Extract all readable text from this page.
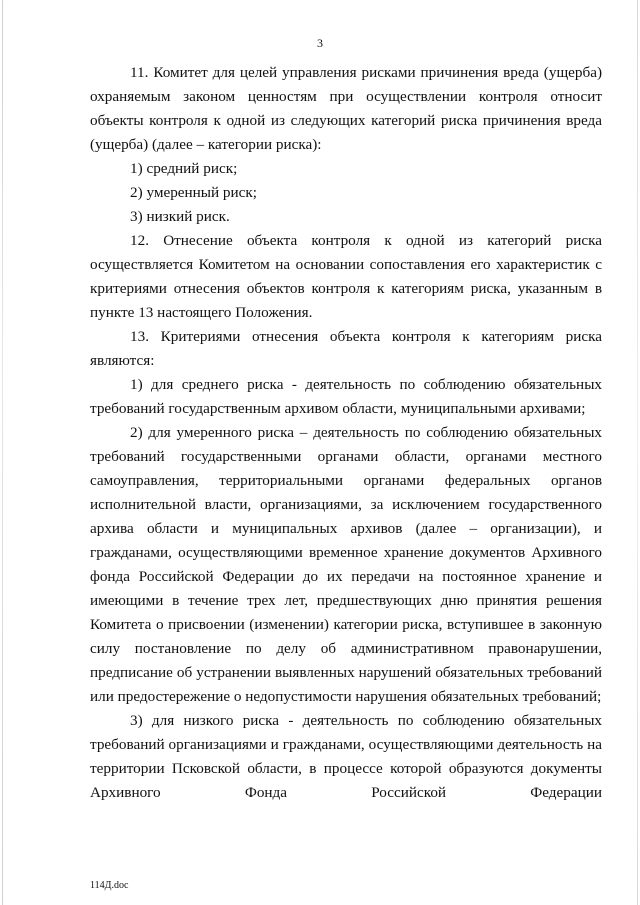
3

11. Комитет для целей управления рисками причинения вреда (ущерба) охраняемым законом ценностям при осуществлении контроля относит объекты контроля к одной из следующих категорий риска причинения вреда (ущерба) (далее – категории риска):

1) средний риск;

2) умеренный риск;

3) низкий риск.

12. Отнесение объекта контроля к одной из категорий риска осуществляется Комитетом на основании сопоставления его характеристик с критериями отнесения объектов контроля к категориям риска, указанным в пункте 13 настоящего Положения.

13. Критериями отнесения объекта контроля к категориям риска являются:

1) для среднего риска - деятельность по соблюдению обязательных требований государственным архивом области, муниципальными архивами;

2) для умеренного риска – деятельность по соблюдению обязательных требований государственными органами области, органами местного самоуправления, территориальными органами федеральных органов исполнительной власти, организациями, за исключением государственного архива области и муниципальных архивов (далее – организации), и гражданами, осуществляющими временное хранение документов Архивного фонда Российской Федерации до их передачи на постоянное хранение и имеющими в течение трех лет, предшествующих дню принятия решения Комитета о присвоении (изменении) категории риска, вступившее в законную силу постановление по делу об административном правонарушении, предписание об устранении выявленных нарушений обязательных требований или предостережение о недопустимости нарушения обязательных требований;

3) для низкого риска - деятельность по соблюдению обязательных требований организациями и гражданами, осуществляющими деятельность на территории Псковской области, в процессе которой образуются документы Архивного Фонда Российской Федерации

114Д.doc
